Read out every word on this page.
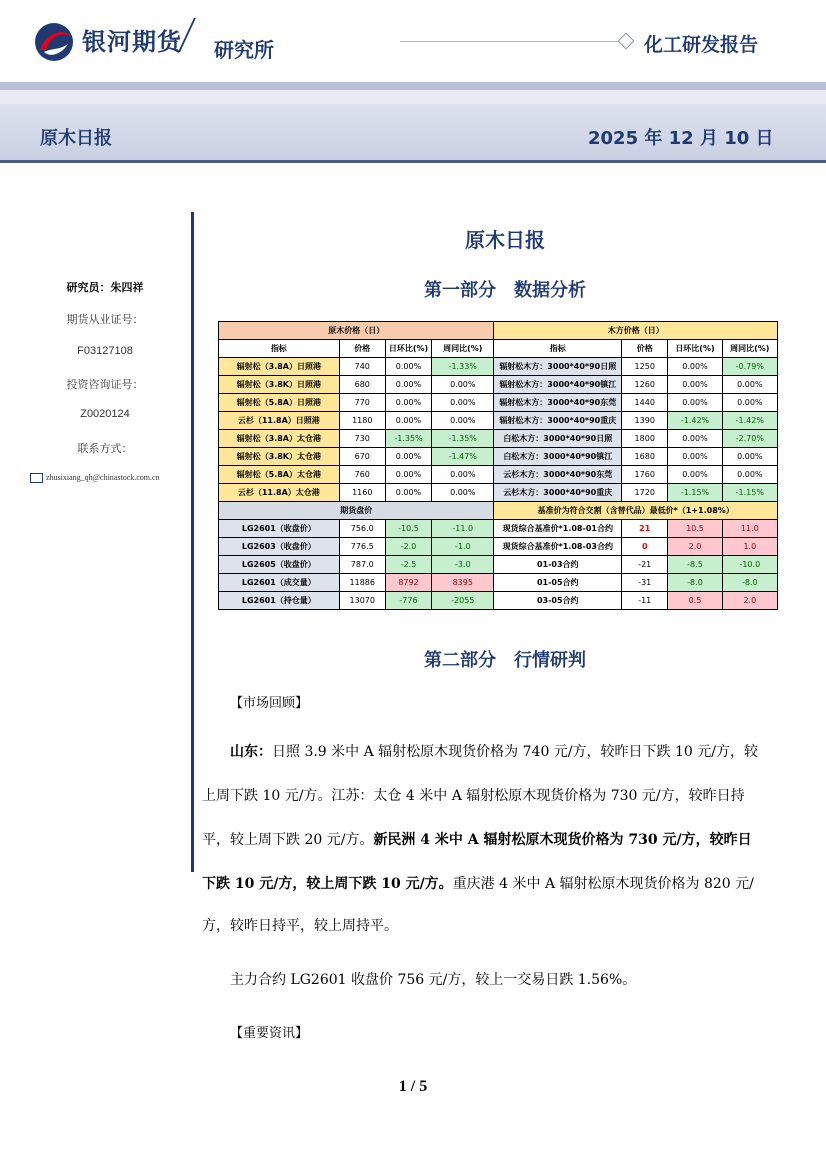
银河期货 研究所	化工研发报告
原木日报	2025 年 12 月 10 日
研究员：朱四祥
期货从业证号：
F03127108
投资咨询证号：
Z0020124
联系方式：
zhusixiang_qh@chinastock.com.cn
原木日报
第一部分　数据分析
原木价格（日）				木方价格（日）			
指标	价格	日环比(%)	周同比(%)	指标	价格	日环比(%)	周同比(%)
辐射松（3.8A）日照港	740	0.00%	-1.33%	辐射松木方：3000*40*90日照	1250	0.00%	-0.79%
辐射松（3.8K）日照港	680	0.00%	0.00%	辐射松木方：3000*40*90镇江	1260	0.00%	0.00%
辐射松（5.8A）日照港	770	0.00%	0.00%	辐射松木方：3000*40*90东莞	1440	0.00%	0.00%
云杉（11.8A）日照港	1180	0.00%	0.00%	辐射松木方：3000*40*90重庆	1390	-1.42%	-1.42%
辐射松（3.8A）太仓港	730	-1.35%	-1.35%	白松木方：3000*40*90日照	1800	0.00%	-2.70%
辐射松（3.8K）太仓港	670	0.00%	-1.47%	白松木方：3000*40*90镇江	1680	0.00%	0.00%
辐射松（5.8A）太仓港	760	0.00%	0.00%	云杉木方：3000*40*90东莞	1760	0.00%	0.00%
云杉（11.8A）太仓港	1160	0.00%	0.00%	云杉木方：3000*40*90重庆	1720	-1.15%	-1.15%
期货盘价				基准价为符合交割（含替代品）最低价*（1+1.08%）			
LG2601（收盘价）	756.0	-10.5	-11.0	现货综合基准价*1.08-01合约	21	10.5	11.0
LG2603（收盘价）	776.5	-2.0	-1.0	现货综合基准价*1.08-03合约	0	2.0	1.0
LG2605（收盘价）	787.0	-2.5	-3.0	01-03合约	-21	-8.5	-10.0
LG2601（成交量）	11886	8792	8395	01-05合约	-31	-8.0	-8.0
LG2601（持仓量）	13070	-776	-2055	03-05合约	-11	0.5	2.0
第二部分　行情研判
【市场回顾】
山东：日照 3.9 米中 A 辐射松原木现货价格为 740 元/方，较昨日下跌 10 元/方，较
上周下跌 10 元/方。江苏：太仓 4 米中 A 辐射松原木现货价格为 730 元/方，较昨日持
平，较上周下跌 20 元/方。新民洲 4 米中 A 辐射松原木现货价格为 730 元/方，较昨日
下跌 10 元/方，较上周下跌 10 元/方。重庆港 4 米中 A 辐射松原木现货价格为 820 元/
方，较昨日持平，较上周持平。
主力合约 LG2601 收盘价 756 元/方，较上一交易日跌 1.56%。
【重要资讯】
1 / 5
